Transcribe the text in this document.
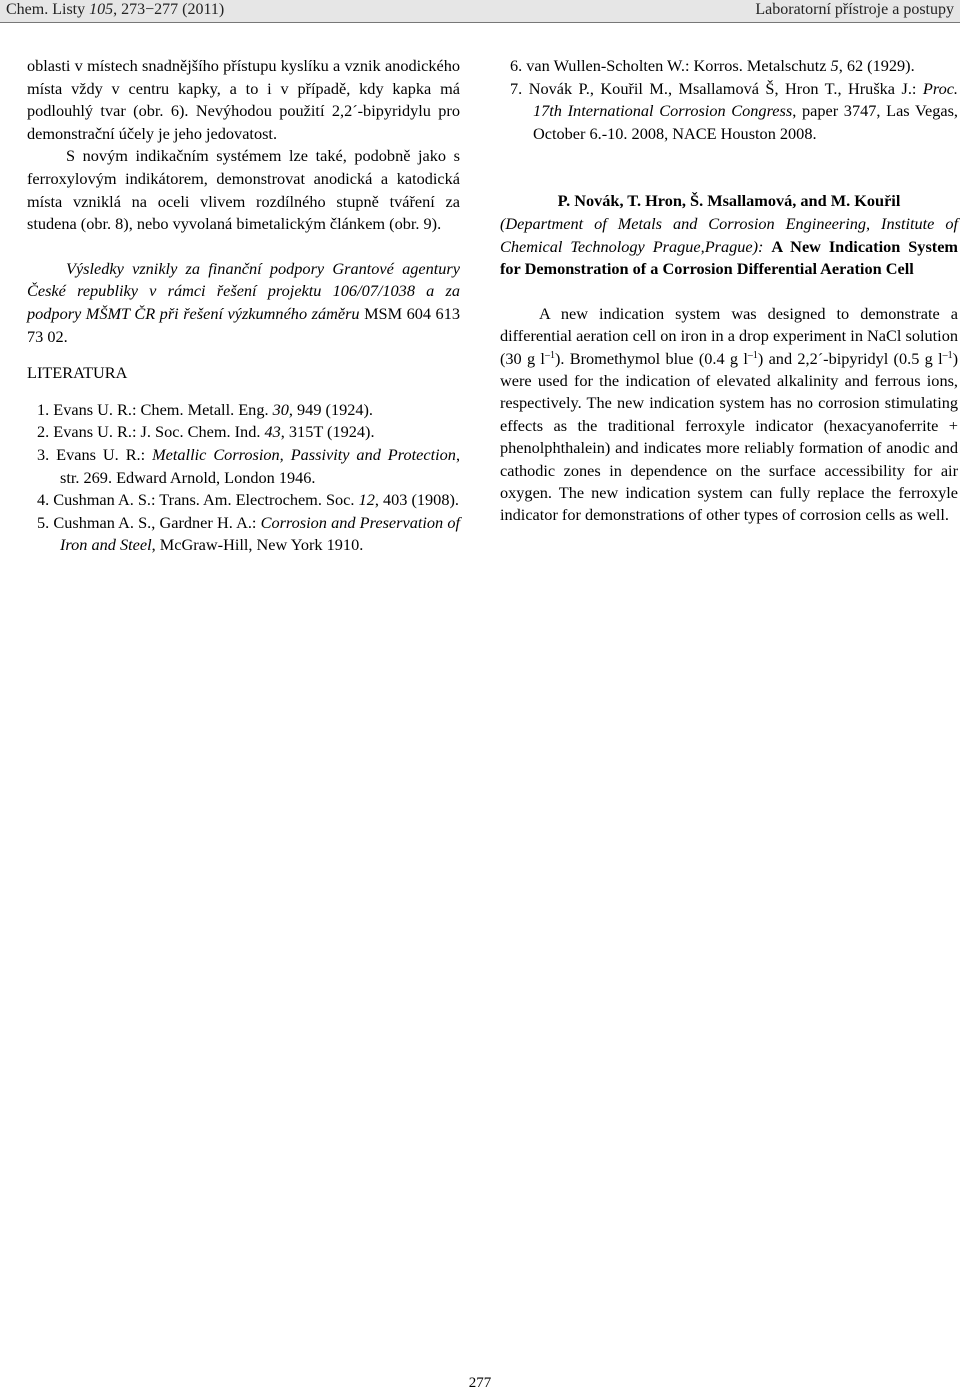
Chem. Listy 105, 273−277 (2011)	Laboratorní přístroje a postupy

oblasti v místech snadnějšího přístupu kyslíku a vznik anodického místa vždy v centru kapky, a to i v případě, kdy kapka má podlouhlý tvar (obr. 6). Nevýhodou použití 2,2´-bipyridylu pro demonstrační účely je jeho jedovatost.

S novým indikačním systémem lze také, podobně jako s ferroxylovým indikátorem, demonstrovat anodická a katodická místa vzniklá na oceli vlivem rozdílného stupně tváření za studena (obr. 8), nebo vyvolaná bimetalickým článkem (obr. 9).

Výsledky vznikly za finanční podpory Grantové agentury České republiky v rámci řešení projektu 106/07/1038 a za podpory MŠMT ČR při řešení výzkumného záměru MSM 604 613 73 02.

LITERATURA
1. Evans U. R.: Chem. Metall. Eng. 30, 949 (1924).
2. Evans U. R.: J. Soc. Chem. Ind. 43, 315T (1924).
3. Evans U. R.: Metallic Corrosion, Passivity and Protection, str. 269. Edward Arnold, London 1946.
4. Cushman A. S.: Trans. Am. Electrochem. Soc. 12, 403 (1908).
5. Cushman A. S., Gardner H. A.: Corrosion and Preservation of Iron and Steel, McGraw-Hill, New York 1910.
6. van Wullen-Scholten W.: Korros. Metalschutz 5, 62 (1929).
7. Novák P., Kouřil M., Msallamová Š, Hron T., Hruška J.: Proc. 17th International Corrosion Congress, paper 3747, Las Vegas, October 6.-10. 2008, NACE Houston 2008.

P. Novák, T. Hron, Š. Msallamová, and M. Kouřil

(Department of Metals and Corrosion Engineering, Institute of Chemical Technology Prague,Prague): A New Indication System for Demonstration of a Corrosion Differential Aeration Cell

A new indication system was designed to demonstrate a differential aeration cell on iron in a drop experiment in NaCl solution (30 g $l^{-1}$). Bromethymol blue (0.4 g $l^{-1}$) and 2,2´-bipyridyl (0.5 g $l^{-1}$) were used for the indication of elevated alkalinity and ferrous ions, respectively. The new indication system has no corrosion stimulating effects as the traditional ferroxyle indicator (hexacyanoferrite + phenolphthalein) and indicates more reliably formation of anodic and cathodic zones in dependence on the surface accessibility for air oxygen. The new indication system can fully replace the ferroxyle indicator for demonstrations of other types of corrosion cells as well.

277
